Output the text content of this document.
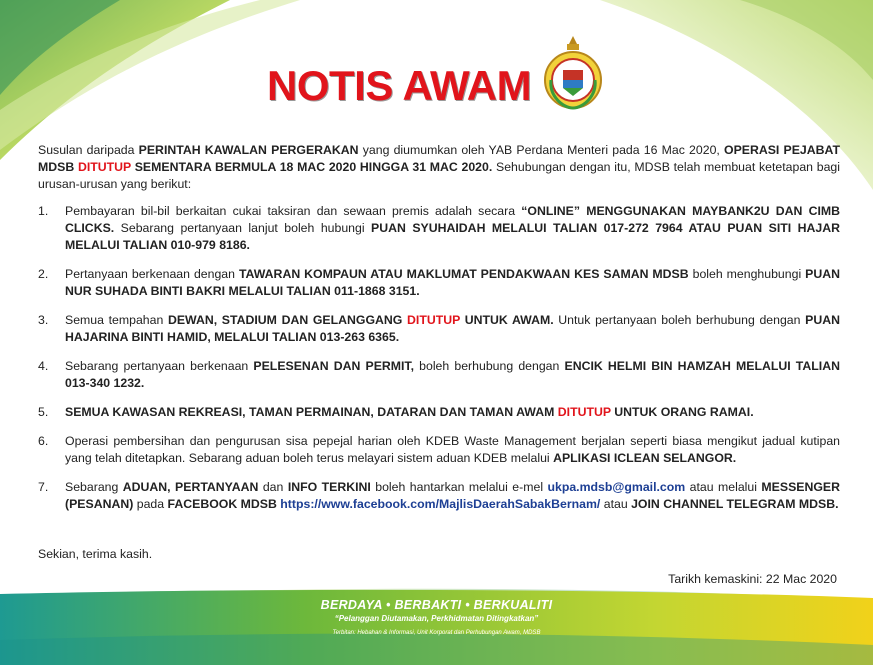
NOTIS AWAM

Susulan daripada PERINTAH KAWALAN PERGERAKAN yang diumumkan oleh YAB Perdana Menteri pada 16 Mac 2020, OPERASI PEJABAT MDSB DITUTUP SEMENTARA BERMULA 18 MAC 2020 HINGGA 31 MAC 2020. Sehubungan dengan itu, MDSB telah membuat ketetapan bagi urusan-urusan yang berikut:

1. Pembayaran bil-bil berkaitan cukai taksiran dan sewaan premis adalah secara “ONLINE” MENGGUNAKAN MAYBANK2U DAN CIMB CLICKS. Sebarang pertanyaan lanjut boleh hubungi PUAN SYUHAIDAH MELALUI TALIAN 017-272 7964 ATAU PUAN SITI HAJAR MELALUI TALIAN 010-979 8186.
2. Pertanyaan berkenaan dengan TAWARAN KOMPAUN ATAU MAKLUMAT PENDAKWAAN KES SAMAN MDSB boleh menghubungi PUAN NUR SUHADA BINTI BAKRI MELALUI TALIAN 011-1868 3151.
3. Semua tempahan DEWAN, STADIUM DAN GELANGGANG DITUTUP UNTUK AWAM. Untuk pertanyaan boleh berhubung dengan PUAN HAJARINA BINTI HAMID, MELALUI TALIAN 013-263 6365.
4. Sebarang pertanyaan berkenaan PELESENAN DAN PERMIT, boleh berhubung dengan ENCIK HELMI BIN HAMZAH MELALUI TALIAN 013-340 1232.
5. SEMUA KAWASAN REKREASI, TAMAN PERMAINAN, DATARAN DAN TAMAN AWAM DITUTUP UNTUK ORANG RAMAI.
6. Operasi pembersihan dan pengurusan sisa pepejal harian oleh KDEB Waste Management berjalan seperti biasa mengikut jadual kutipan yang telah ditetapkan. Sebarang aduan boleh terus melayari sistem aduan KDEB melalui APLIKASI ICLEAN SELANGOR.
7. Sebarang ADUAN, PERTANYAAN dan INFO TERKINI boleh hantarkan melalui e-mel ukpa.mdsb@gmail.com atau melalui MESSENGER (PESANAN) pada FACEBOOK MDSB https://www.facebook.com/MajlisDaerahSabakBernam/ atau JOIN CHANNEL TELEGRAM MDSB.
Sekian, terima kasih.
Tarikh kemaskini: 22 Mac 2020
BERDAYA • BERBAKTI • BERKUALITI
“Pelanggan Diutamakan, Perkhidmatan Ditingkatkan”
Terbitan: Hebahan & Informasi, Unit Korporat dan Perhubungan Awam, MDSB
